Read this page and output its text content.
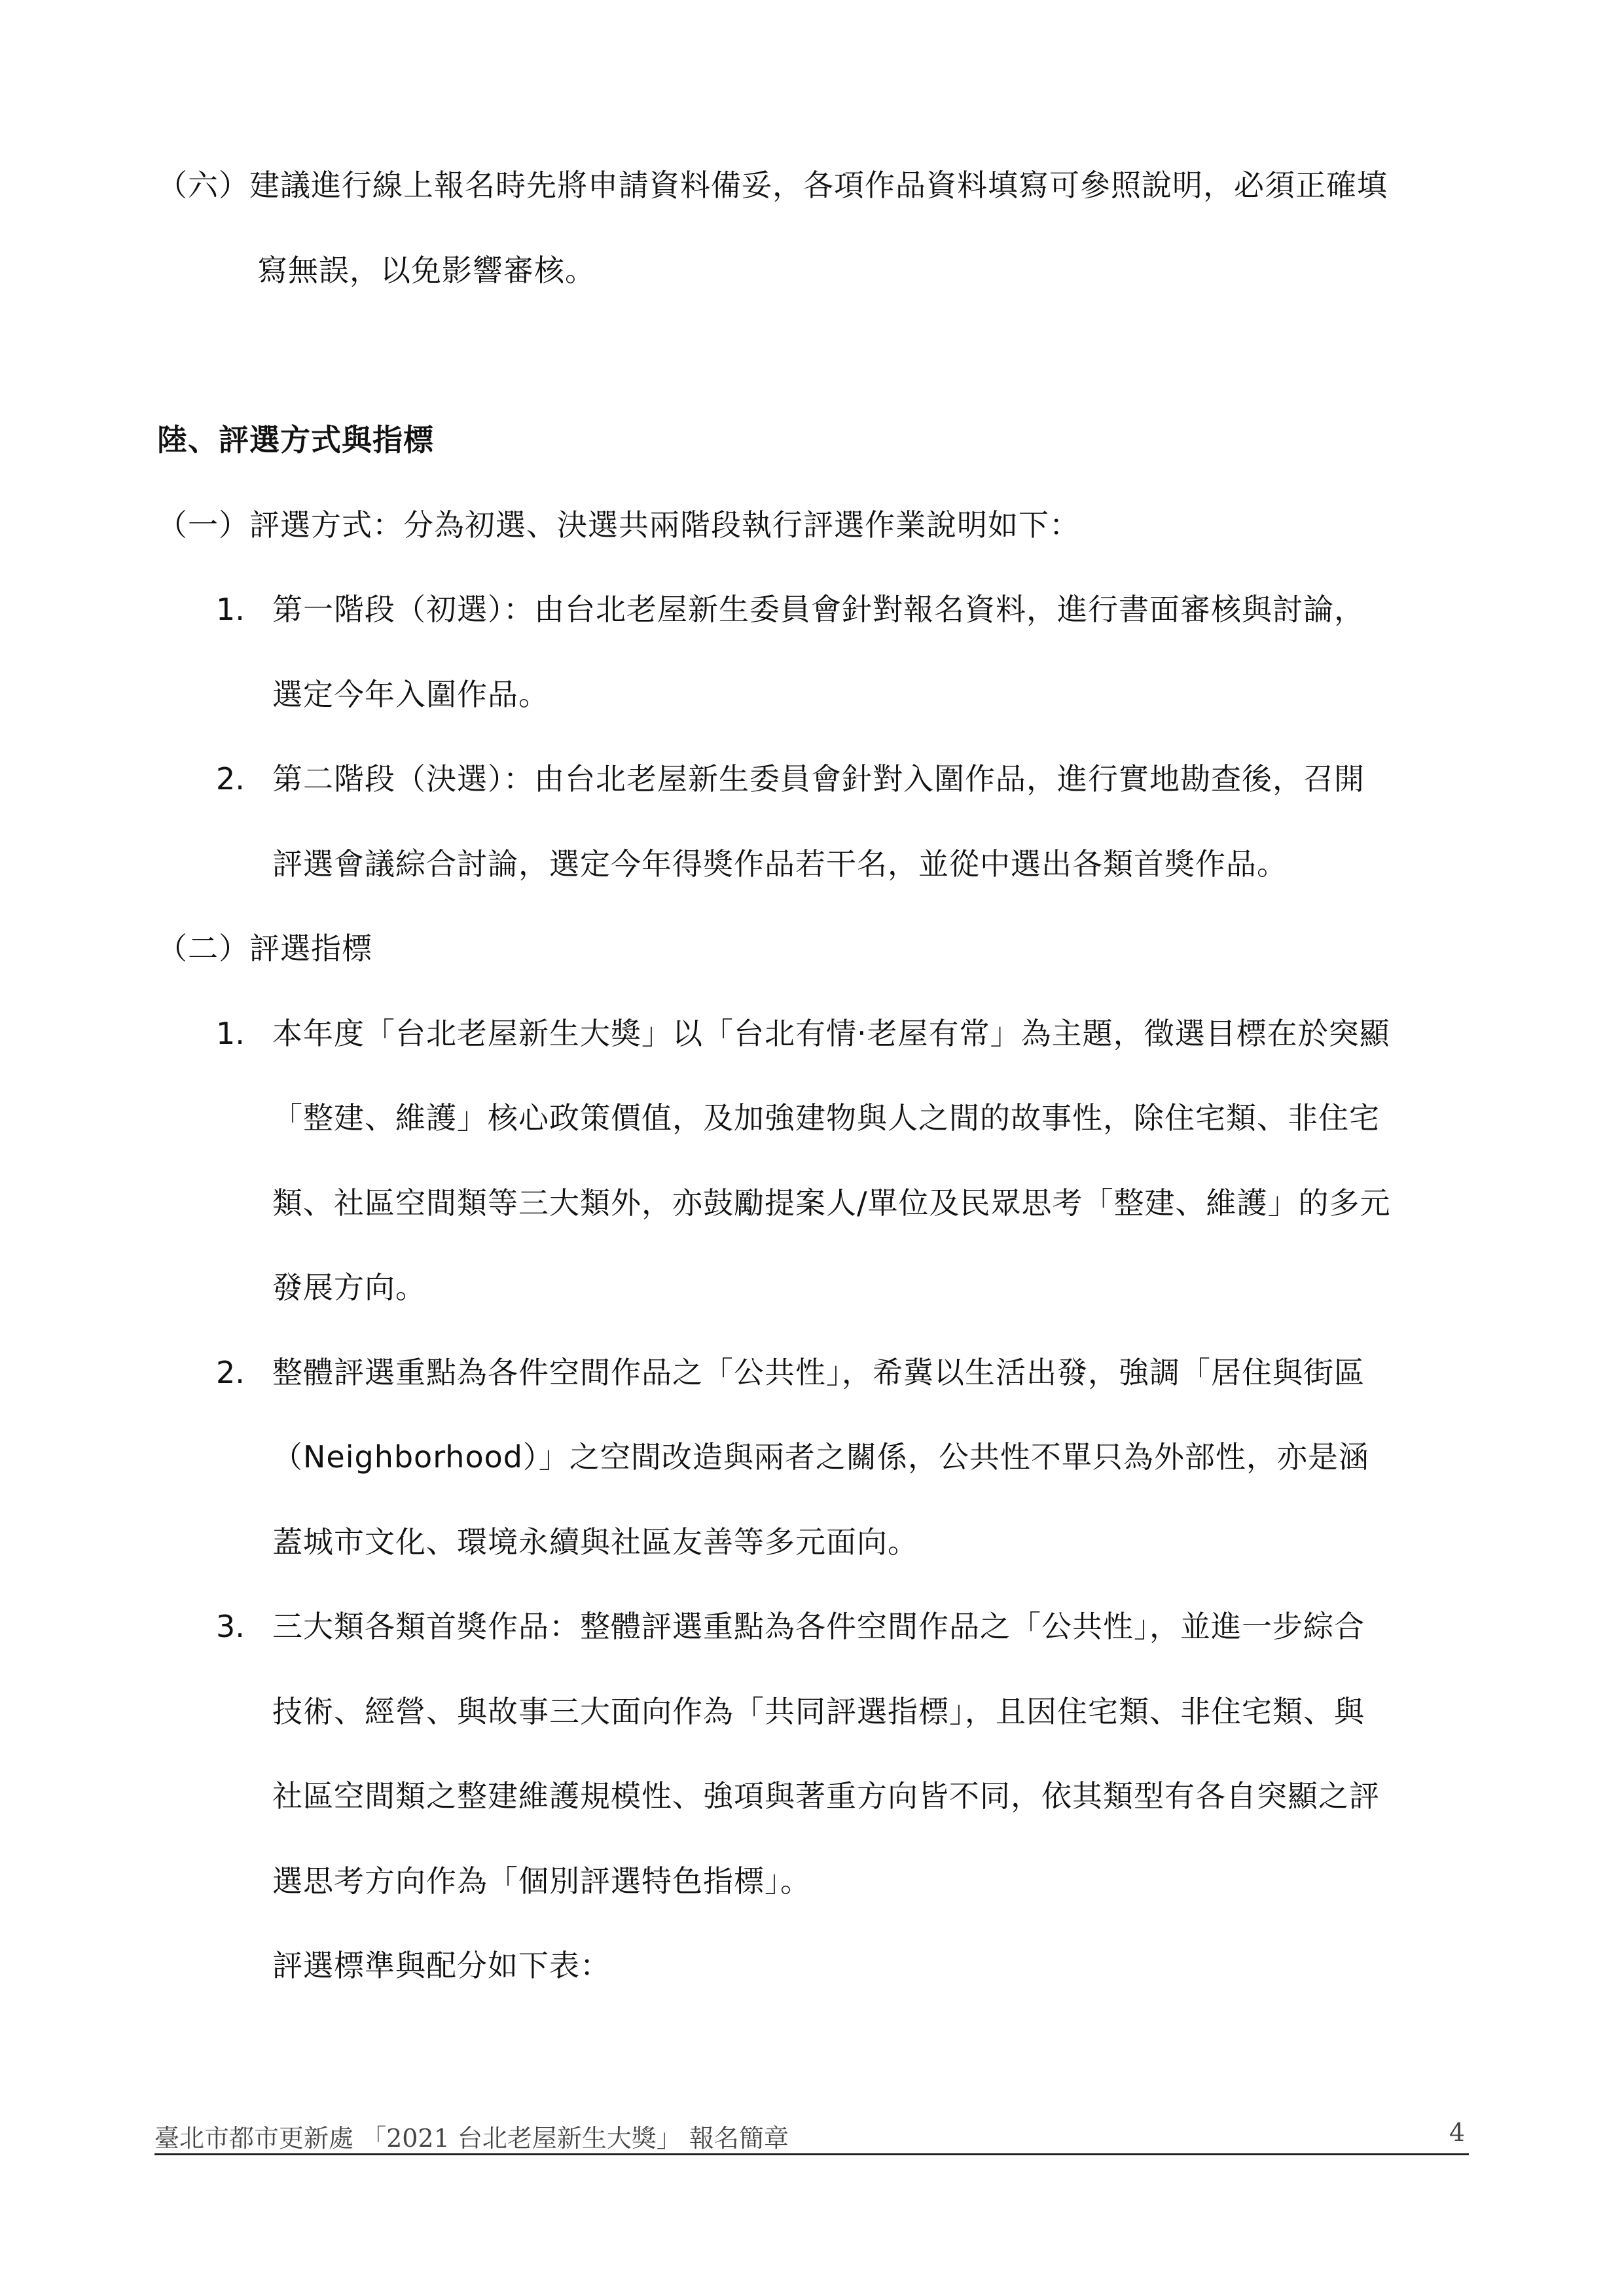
（六）建議進行線上報名時先將申請資料備妥，各項作品資料填寫可參照說明，必須正確填
寫無誤，以免影響審核。
陸、評選方式與指標
（一）評選方式：分為初選、決選共兩階段執行評選作業說明如下：
1. 第一階段（初選）：由台北老屋新生委員會針對報名資料，進行書面審核與討論，
選定今年入圍作品。
2. 第二階段（決選）：由台北老屋新生委員會針對入圍作品，進行實地勘查後，召開
評選會議綜合討論，選定今年得獎作品若干名，並從中選出各類首獎作品。
（二）評選指標
1. 本年度「台北老屋新生大獎」以「台北有情‧老屋有常」為主題，徵選目標在於突顯
「整建、維護」核心政策價值，及加強建物與人之間的故事性，除住宅類、非住宅
類、社區空間類等三大類外，亦鼓勵提案人/單位及民眾思考「整建、維護」的多元
發展方向。
2. 整體評選重點為各件空間作品之「公共性」，希冀以生活出發，強調「居住與街區
（Neighborhood）」之空間改造與兩者之關係，公共性不單只為外部性，亦是涵
蓋城市文化、環境永續與社區友善等多元面向。
3. 三大類各類首獎作品：整體評選重點為各件空間作品之「公共性」，並進一步綜合
技術、經營、與故事三大面向作為「共同評選指標」，且因住宅類、非住宅類、與
社區空間類之整建維護規模性、強項與著重方向皆不同，依其類型有各自突顯之評
選思考方向作為「個別評選特色指標」。
評選標準與配分如下表：
臺北市都市更新處 「2021 台北老屋新生大獎」 報名簡章	4
